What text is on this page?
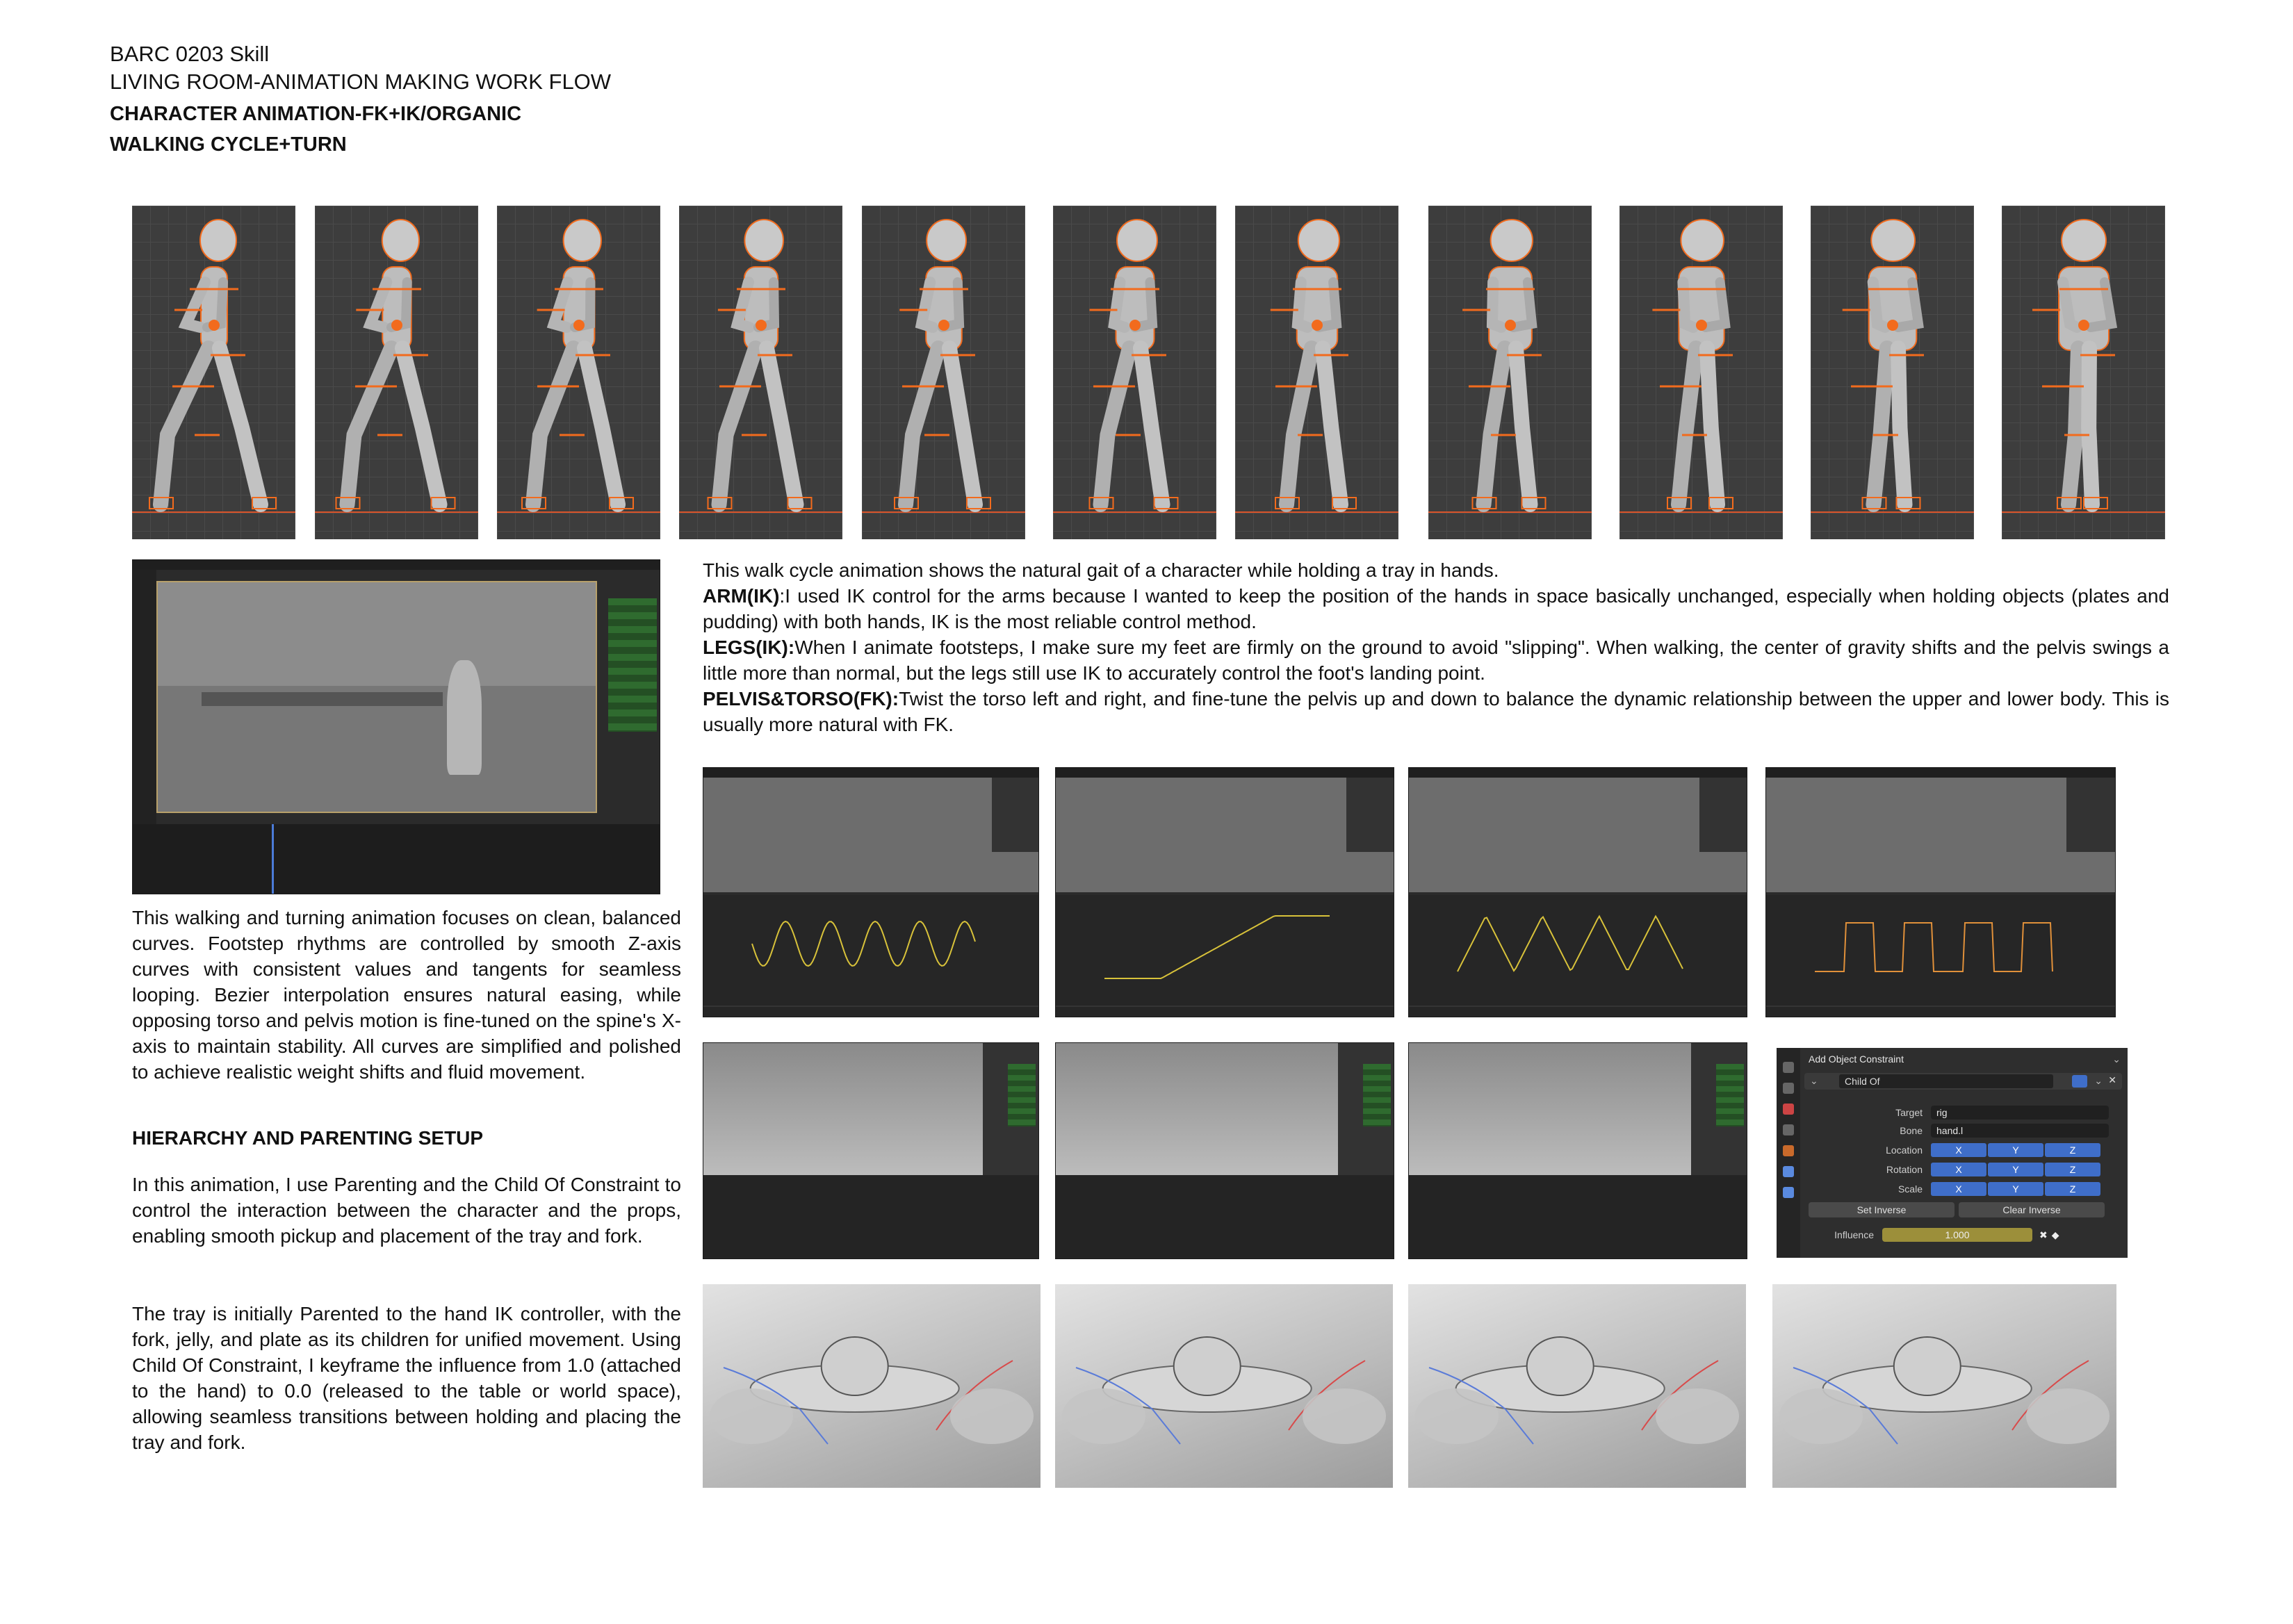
BARC 0203 Skill
LIVING ROOM-ANIMATION MAKING WORK FLOW
CHARACTER ANIMATION-FK+IK/ORGANIC
WALKING CYCLE+TURN
This walk cycle animation shows the natural gait of a character while holding a tray in hands.
ARM(IK):I used IK control for the arms because I wanted to keep the position of the hands in space basically unchanged, especially when holding objects (plates and pudding) with both hands, IK is the most reliable control method.
LEGS(IK):When I animate footsteps, I make sure my feet are firmly on the ground to avoid "slipping". When walking, the center of gravity shifts and the pelvis swings a little more than normal, but the legs still use IK to accurately control the foot's landing point.
PELVIS&TORSO(FK):Twist the torso left and right, and fine-tune the pelvis up and down to balance the dynamic relationship between the upper and lower body. This is usually more natural with FK.
This walking and turning animation focuses on clean, balanced curves. Footstep rhythms are controlled by smooth Z-axis curves with consistent values and tangents for seamless looping. Bezier interpolation ensures natural easing, while opposing torso and pelvis motion is fine-tuned on the spine's X-axis to maintain stability. All curves are simplified and polished to achieve realistic weight shifts and fluid movement.
HIERARCHY AND PARENTING SETUP
In this animation, I use Parenting and the Child Of Constraint to control the interaction between the character and the props, enabling smooth pickup and placement of the tray and fork.
The tray is initially Parented to the hand IK controller, with the fork, jelly, and plate as its children for unified movement. Using Child Of Constraint, I keyframe the influence from 1.0 (attached to the hand) to 0.0 (released to the table or world space), allowing seamless transitions between holding and placing the tray and fork.
Add Object Constraint	⌄
⌄	Child Of	⌄ ✕
Target	rig
Bone	hand.l
Location	X	Y	Z
Rotation	X	Y	Z
Scale	X	Y	Z
Set Inverse	Clear Inverse
Influence	1.000	✖ ◆
